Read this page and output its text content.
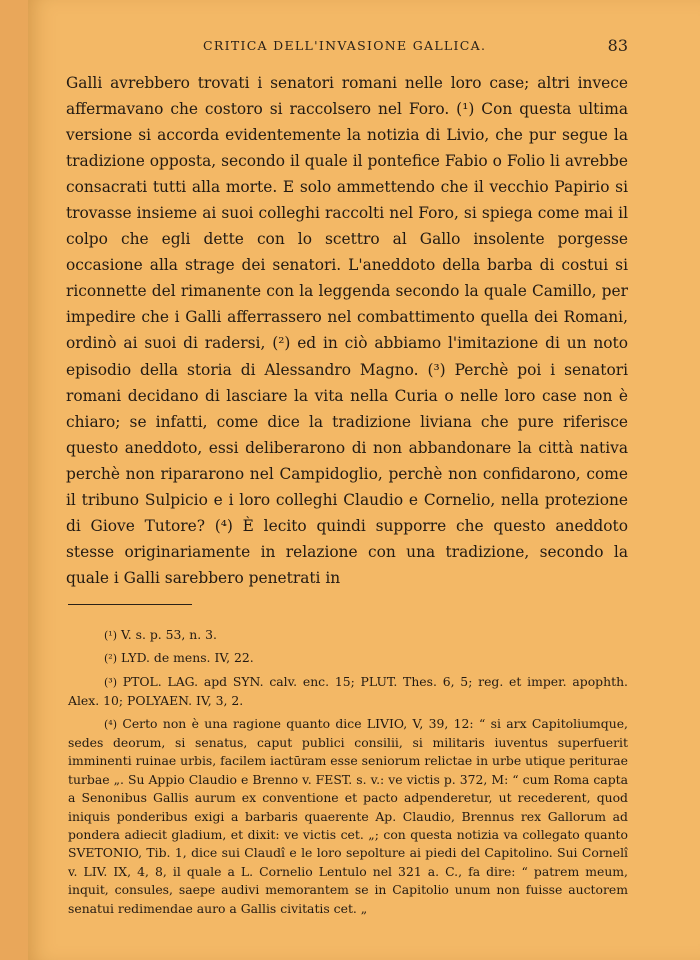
CRITICA DELL'INVASIONE GALLICA.	83

Galli avrebbero trovati i senatori romani nelle loro case; altri invece affermavano che costoro si raccolsero nel Foro. (¹) Con questa ultima versione si accorda evidentemente la notizia di Livio, che pur segue la tradizione opposta, secondo il quale il pontefice Fabio o Folio li avrebbe consacrati tutti alla morte. E solo ammettendo che il vecchio Papirio si trovasse insieme ai suoi colleghi raccolti nel Foro, si spiega come mai il colpo che egli dette con lo scettro al Gallo insolente porgesse occasione alla strage dei senatori. L'aneddoto della barba di costui si riconnette del rimanente con la leggenda secondo la quale Camillo, per impedire che i Galli afferrassero nel combattimento quella dei Romani, ordinò ai suoi di radersi, (²) ed in ciò abbiamo l'imitazione di un noto episodio della storia di Alessandro Magno. (³) Perchè poi i senatori romani decidano di lasciare la vita nella Curia o nelle loro case non è chiaro; se infatti, come dice la tradizione liviana che pure riferisce questo aneddoto, essi deliberarono di non abbandonare la città nativa perchè non ripararono nel Campidoglio, perchè non confidarono, come il tribuno Sulpicio e i loro colleghi Claudio e Cornelio, nella protezione di Giove Tutore? (⁴) È lecito quindi supporre che questo aneddoto stesse originariamente in relazione con una tradizione, secondo la quale i Galli sarebbero penetrati in

(¹) V. s. p. 53, n. 3.

(²) LYD. de mens. IV, 22.

(³) PTOL. LAG. apd SYN. calv. enc. 15; PLUT. Thes. 6, 5; reg. et imper. apophth. Alex. 10; POLYAEN. IV, 3, 2.

(⁴) Certo non è una ragione quanto dice LIVIO, V, 39, 12: “ si arx Capitoliumque, sedes deorum, si senatus, caput publici consilii, si militaris iuventus superfuerit imminenti ruinae urbis, facilem iactūram esse seniorum relictae in urbe utique perituraе turbae „. Su Appio Claudio e Brenno v. FEST. s. v.: ve victis p. 372, M: “ cum Roma capta a Senonibus Gallis aurum ex conventione et pacto adpenderetur, ut recederent, quod iniquis ponderibus exigi a barbaris quaerente Ap. Claudio, Brennus rex Gallorum ad pondera adiecit gladium, et dixit: ve victis cet. „; con questa notizia va collegato quanto SVETONIO, Tib. 1, dice sui Claudî e le loro sepolture ai piedi del Capitolino. Sui Cornelî v. LIV. IX, 4, 8, il quale a L. Cornelio Lentulo nel 321 a. C., fa dire: “ patrem meum, inquit, consules, saepe audivi memorantem se in Capitolio unum non fuisse auctorem senatui redimendae auro a Gallis civitatis cet. „
